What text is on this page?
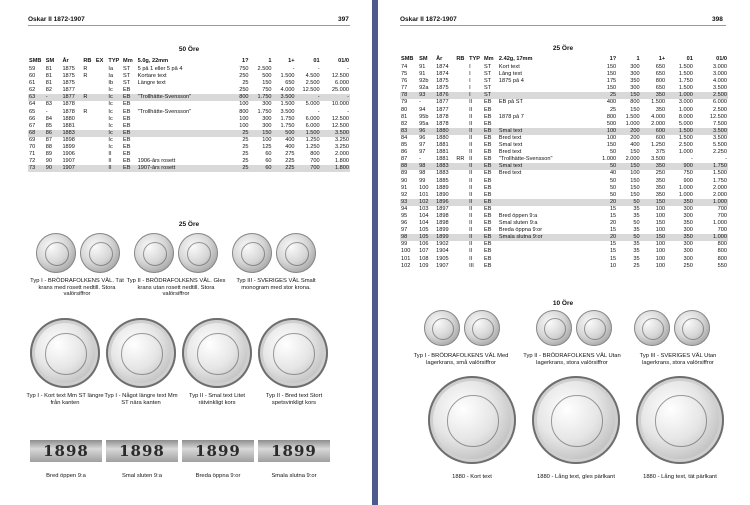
Oskar II 1872-1907	397
50 Öre
SMB	SM	År	RB	EX	TYP	Mm	5.0g, 22mm	1?	1	1+	01	01/0
59	81	1875	R		Ia	ST	5 på 1 eller 5 på 4	750	2.500	-	-	-
60	81	1875	R		Ia	ST	Kortare text	250	500	1.500	4.500	12.500
61	81	1875			Ib	ST	Längre text	25	150	650	2.500	6.000
62	82	1877			Ic	EB		250	750	4.000	12.500	25.000
63	-	1877	R		Ic	EB	"Trollhätte-Svensson"	800	1.750	3.500	-	-
64	83	1878			Ic	EB		100	300	1.500	5.000	10.000
65	-	1878	R		Ic	EB	"Trollhätte-Svensson"	800	1.750	3.500	-	-
66	84	1880			Ic	EB		100	300	1.750	6.000	12.500
67	85	1881			Ic	EB		100	300	1.750	6.000	12.500
68	86	1883			Ic	EB		25	150	500	1.500	3.500
69	87	1898			Ic	EB		25	100	400	1.250	3.250
70	88	1899			Ic	EB		25	125	400	1.250	3.250
71	89	1906			II	EB		25	60	275	800	2.000
72	90	1907			II	EB	1906-års rosett	25	60	225	700	1.800
73	90	1907			II	EB	1907-års rosett	25	60	225	700	1.800
25 Öre
Typ I - BRÖDRAFOLKENS VÄL. Tät krans med rosett nedtill. Stora valörsiffror
Typ II - BRÖDRAFOLKENS VÄL. Gles krans utan rosett nedtill. Stora valörsiffror
Typ III - SVERIGES VÄL Smalt monogram med stor krona.
Typ I - Kort text Mm ST längre från kanten
Typ I - Något längre text Mm ST nära kanten
Typ II - Smal text Litet rätvinkligt kors
Typ II - Bred text Stort spetsvinkligt kors
1898	1898	1899	1899
Bred öppen 9:a	Smal sluten 9:a	Breda öppna 9:or	Smala slutna 9:or
Oskar II 1872-1907	398
25 Öre
SMB	SM	År	RB	TYP	Mm	2.42g, 17mm	1?	1	1+	01	01/0
74	91	1874		I	ST	Kort text	150	300	650	1.500	3.000
75	91	1874		I	ST	Lång text	150	300	650	1.500	3.000
76	92b	1875		I	ST	1875 på 4	175	350	800	1.750	4.000
77	92a	1875		I	ST		150	300	650	1.500	3.500
78	93	1876		I	ST		25	150	350	1.000	2.500
79	-	1877		II	EB	EB på ST	400	800	1.500	3.000	6.000
80	94	1877		II	EB		25	150	350	1.000	2.500
81	95b	1878		II	EB	1878 på 7	800	1.500	4.000	8.000	12.500
82	95a	1878		II	EB		500	1.000	2.000	5.000	7.500
83	96	1880		II	EB	Smal text	100	200	600	1.500	3.500
84	96	1880		II	EB	Bred text	100	200	600	1.500	3.500
85	97	1881		II	EB	Smal text	150	400	1.250	2.500	5.500
86	97	1881		II	EB	Bred text	50	150	375	1.000	2.250
87	-	1881	RR	II	EB	"Trollhätte-Svensson"	1.000	2.000	3.500	-	-
88	98	1883		II	EB	Smal text	50	150	350	900	1.750
89	98	1883		II	EB	Bred text	40	100	250	750	1.500
90	99	1885		II	EB		50	150	350	900	1.750
91	100	1889		II	EB		50	150	350	1.000	2.000
92	101	1890		II	EB		50	150	350	1.000	2.000
93	102	1896		II	EB		20	50	150	350	1.000
94	103	1897		II	EB		15	35	100	300	700
95	104	1898		II	EB	Bred öppen 9:a	15	35	100	300	700
96	104	1898		II	EB	Smal sluten 9:a	20	50	150	350	1.000
97	105	1899		II	EB	Breda öppna 9:or	15	35	100	300	700
98	105	1899		II	EB	Smala slutna 9:or	20	50	150	350	1.000
99	106	1902		II	EB		15	35	100	300	800
100	107	1904		II	EB		15	35	100	300	800
101	108	1905		II	EB		15	35	100	300	800
102	109	1907		III	EB		10	25	100	250	550
10 Öre
Typ I - BRÖDRAFOLKENS VÄL Med lagerkrans, små valörsiffror
Typ II - BRÖDRAFOLKENS VÄL Utan lagerkrans, stora valörsiffror
Typ III - SVERIGES VÄL Utan lagerkrans, stora valörsiffror
1880 - Kort text	1880 - Lång text, gles pärlkant	1880 - Lång text, tät pärlkant
